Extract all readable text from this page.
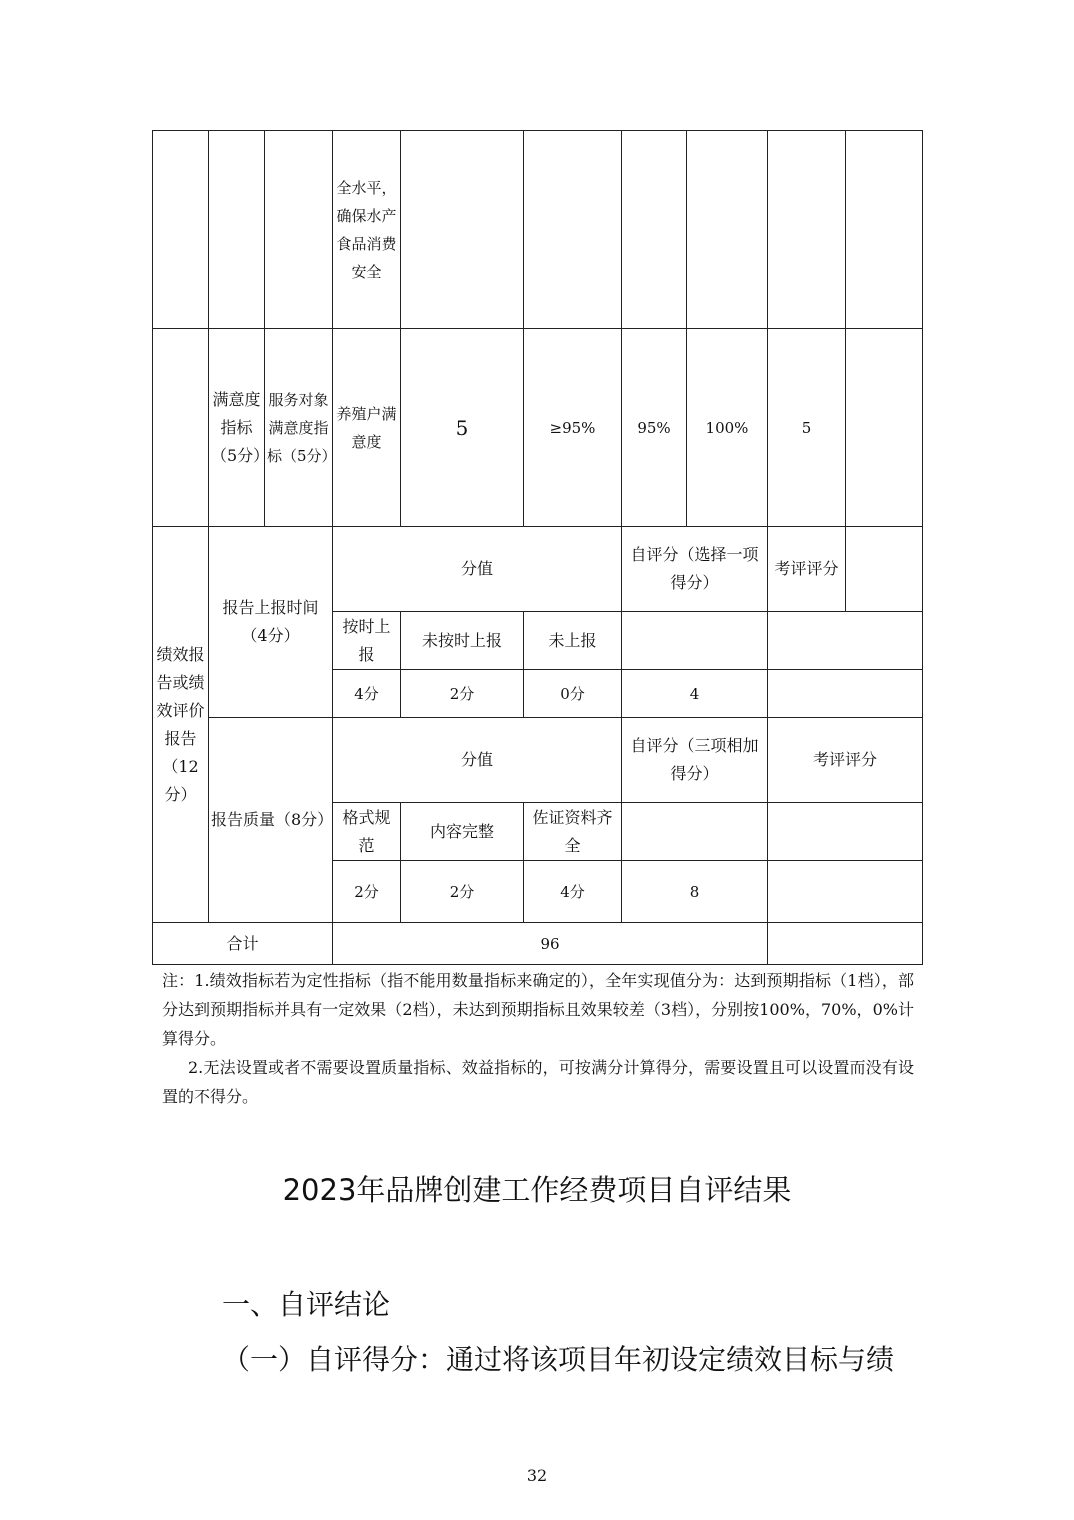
			全水平，确保水产食品消费安全						
	满意度指标（5分）	服务对象满意度指标（5分）	养殖户满意度	5	≥95%	95%	100%	5	
绩效报告或绩效评价报告（12分）	报告上报时间（4分）		分值			自评分（选择一项得分）		考评评分	
			按时上报	未按时上报	未上报				
			4分	2分	0分	4			
	报告质量（8分）		分值			自评分（三项相加得分）		考评评分	
			格式规范	内容完整	佐证资料齐全				
			2分	2分	4分	8			
合计			96						

注：1.绩效指标若为定性指标（指不能用数量指标来确定的），全年实现值分为：达到预期指标（1档），部分达到预期指标并具有一定效果（2档），未达到预期指标且效果较差（3档），分别按100%，70%，0%计算得分。

2.无法设置或者不需要设置质量指标、效益指标的，可按满分计算得分，需要设置且可以设置而没有设置的不得分。

2023年品牌创建工作经费项目自评结果
一、自评结论
（一）自评得分：通过将该项目年初设定绩效目标与绩
32
